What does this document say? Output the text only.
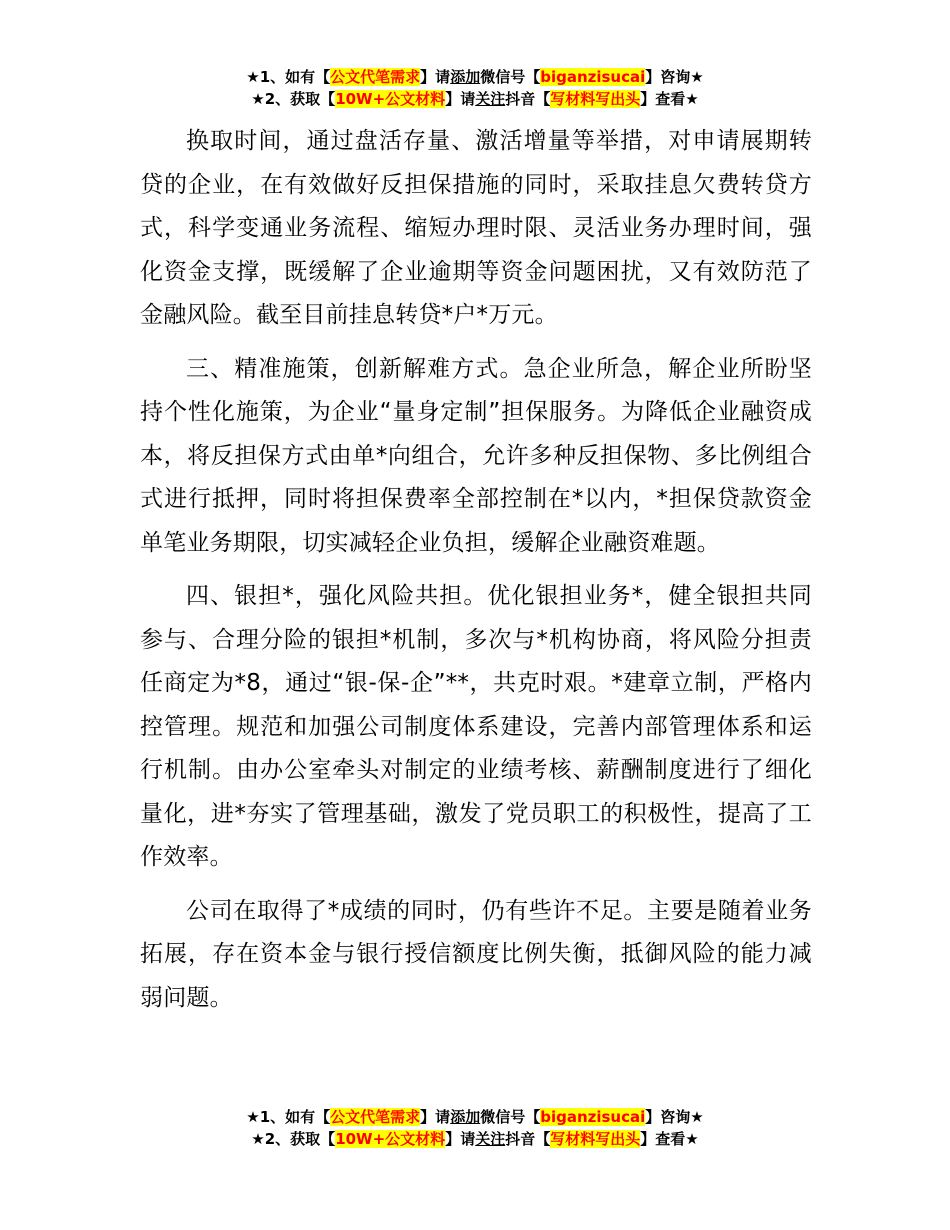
★1、如有【公文代笔需求】请添加微信号【biganzisucai】咨询★
★2、获取【10W+公文材料】请关注抖音【写材料写出头】查看★

换取时间，通过盘活存量、激活增量等举措，对申请展期转贷的企业，在有效做好反担保措施的同时，采取挂息欠费转贷方式，科学变通业务流程、缩短办理时限、灵活业务办理时间，强化资金支撑，既缓解了企业逾期等资金问题困扰，又有效防范了金融风险。截至目前挂息转贷*户*万元。

三、精准施策，创新解难方式。急企业所急，解企业所盼坚持个性化施策，为企业“量身定制”担保服务。为降低企业融资成本，将反担保方式由单*向组合，允许多种反担保物、多比例组合式进行抵押，同时将担保费率全部控制在*以内，*担保贷款资金单笔业务期限，切实减轻企业负担，缓解企业融资难题。

四、银担*，强化风险共担。优化银担业务*，健全银担共同参与、合理分险的银担*机制，多次与*机构协商，将风险分担责任商定为*8，通过“银-保-企”**，共克时艰。*建章立制，严格内控管理。规范和加强公司制度体系建设，完善内部管理体系和运行机制。由办公室牵头对制定的业绩考核、薪酬制度进行了细化量化，进*夯实了管理基础，激发了党员职工的积极性，提高了工作效率。

公司在取得了*成绩的同时，仍有些许不足。主要是随着业务拓展，存在资本金与银行授信额度比例失衡，抵御风险的能力减弱问题。

★1、如有【公文代笔需求】请添加微信号【biganzisucai】咨询★
★2、获取【10W+公文材料】请关注抖音【写材料写出头】查看★
